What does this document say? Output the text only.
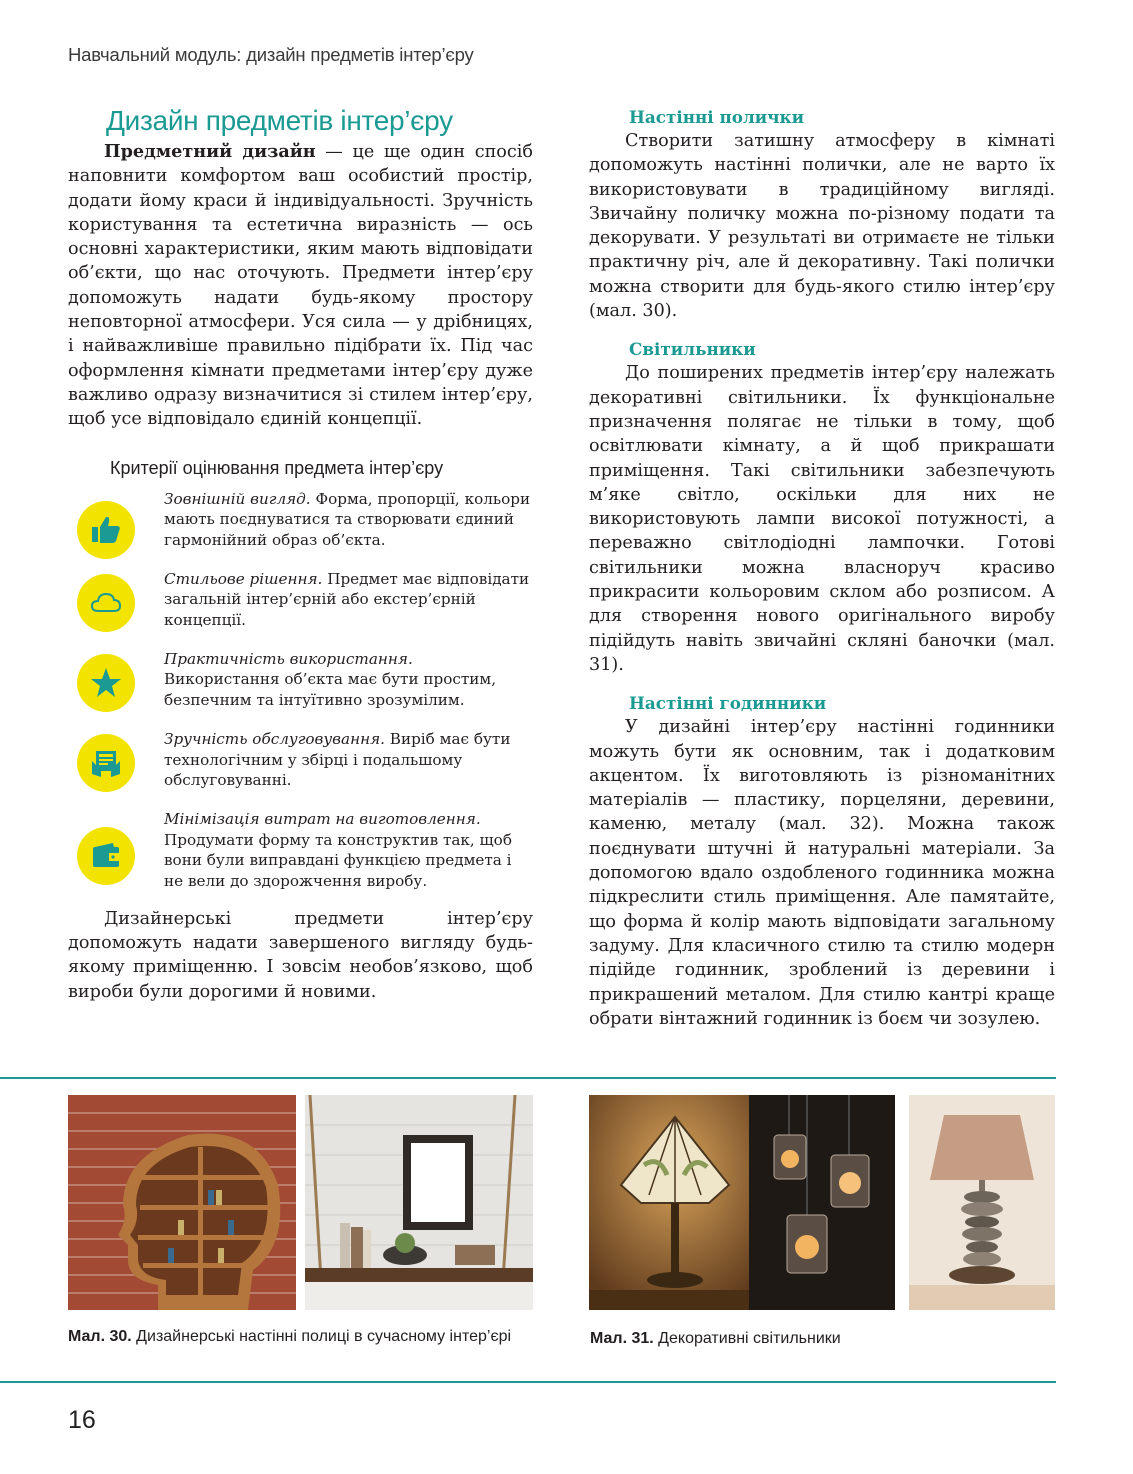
Навчальний модуль: дизайн предметів інтер’єру
Дизайн предметів інтер’єру

Предметний дизайн — це ще один спосіб наповнити комфортом ваш особистий простір, додати йому краси й індивідуальності. Зручність користування та естетична виразність — ось основні характеристики, яким мають відповідати об’єкти, що нас оточують. Предмети інтер’єру допоможуть надати будь-якому простору неповторної атмосфери. Уся сила — у дрібницях, і найважливіше правильно підібрати їх. Під час оформлення кімнати предметами інтер’єру дуже важливо одразу визначитися зі стилем інтер’єру, щоб усе відповідало єдиній концепції.

Критерії оцінювання предмета інтер’єру
Зовнішній вигляд. Форма, пропорції, кольори мають поєднуватися та створювати єдиний гармонійний образ об’єкта.
Стильове рішення. Предмет має відповідати загальній інтер’єрній або екстер’єрній концепції.
Практичність використання. Використання об’єкта має бути простим, безпечним та інтуїтивно зрозумілим.
Зручність обслуговування. Виріб має бути технологічним у збірці і подальшому обслуговуванні.
Мінімізація витрат на виготовлення. Продумати форму та конструктив так, щоб вони були виправдані функцією предмета і не вели до здорожчення виробу.

Дизайнерські предмети інтер’єру допоможуть надати завершеного вигляду будь-якому приміщенню. І зовсім необов’язково, щоб вироби були дорогими й новими.

Настінні полички

Створити затишну атмосферу в кімнаті допоможуть настінні полички, але не варто їх використовувати в традиційному вигляді. Звичайну поличку можна по-різному подати та декорувати. У результаті ви отримаєте не тільки практичну річ, але й декоративну. Такі полички можна створити для будь-якого стилю інтер’єру (мал. 30).

Світильники

До поширених предметів інтер’єру належать декоративні світильники. Їх функціональне призначення полягає не тільки в тому, щоб освітлювати кімнату, а й щоб прикрашати приміщення. Такі світильники забезпечують м’яке світло, оскільки для них не використовують лампи високої потужності, а переважно світлодіодні лампочки. Готові світильники можна власноруч красиво прикрасити кольоровим склом або розписом. А для створення нового оригінального виробу підійдуть навіть звичайні скляні баночки (мал. 31).

Настінні годинники

У дизайні інтер’єру настінні годинники можуть бути як основним, так і додатковим акцентом. Їх виготовляють із різноманітних матеріалів — пластику, порцеляни, деревини, каменю, металу (мал. 32). Можна також поєднувати штучні й натуральні матеріали. За допомогою вдало оздобленого годинника можна підкреслити стиль приміщення. Але памятайте, що форма й колір мають відповідати загальному задуму. Для класичного стилю та стилю модерн підійде годинник, зроблений із деревини і прикрашений металом. Для стилю кантрі краще обрати вінтажний годинник із боєм чи зозулею.

Мал. 30. Дизайнерські настінні полиці в сучасному інтер’єрі	Мал. 31. Декоративні світильники
16
